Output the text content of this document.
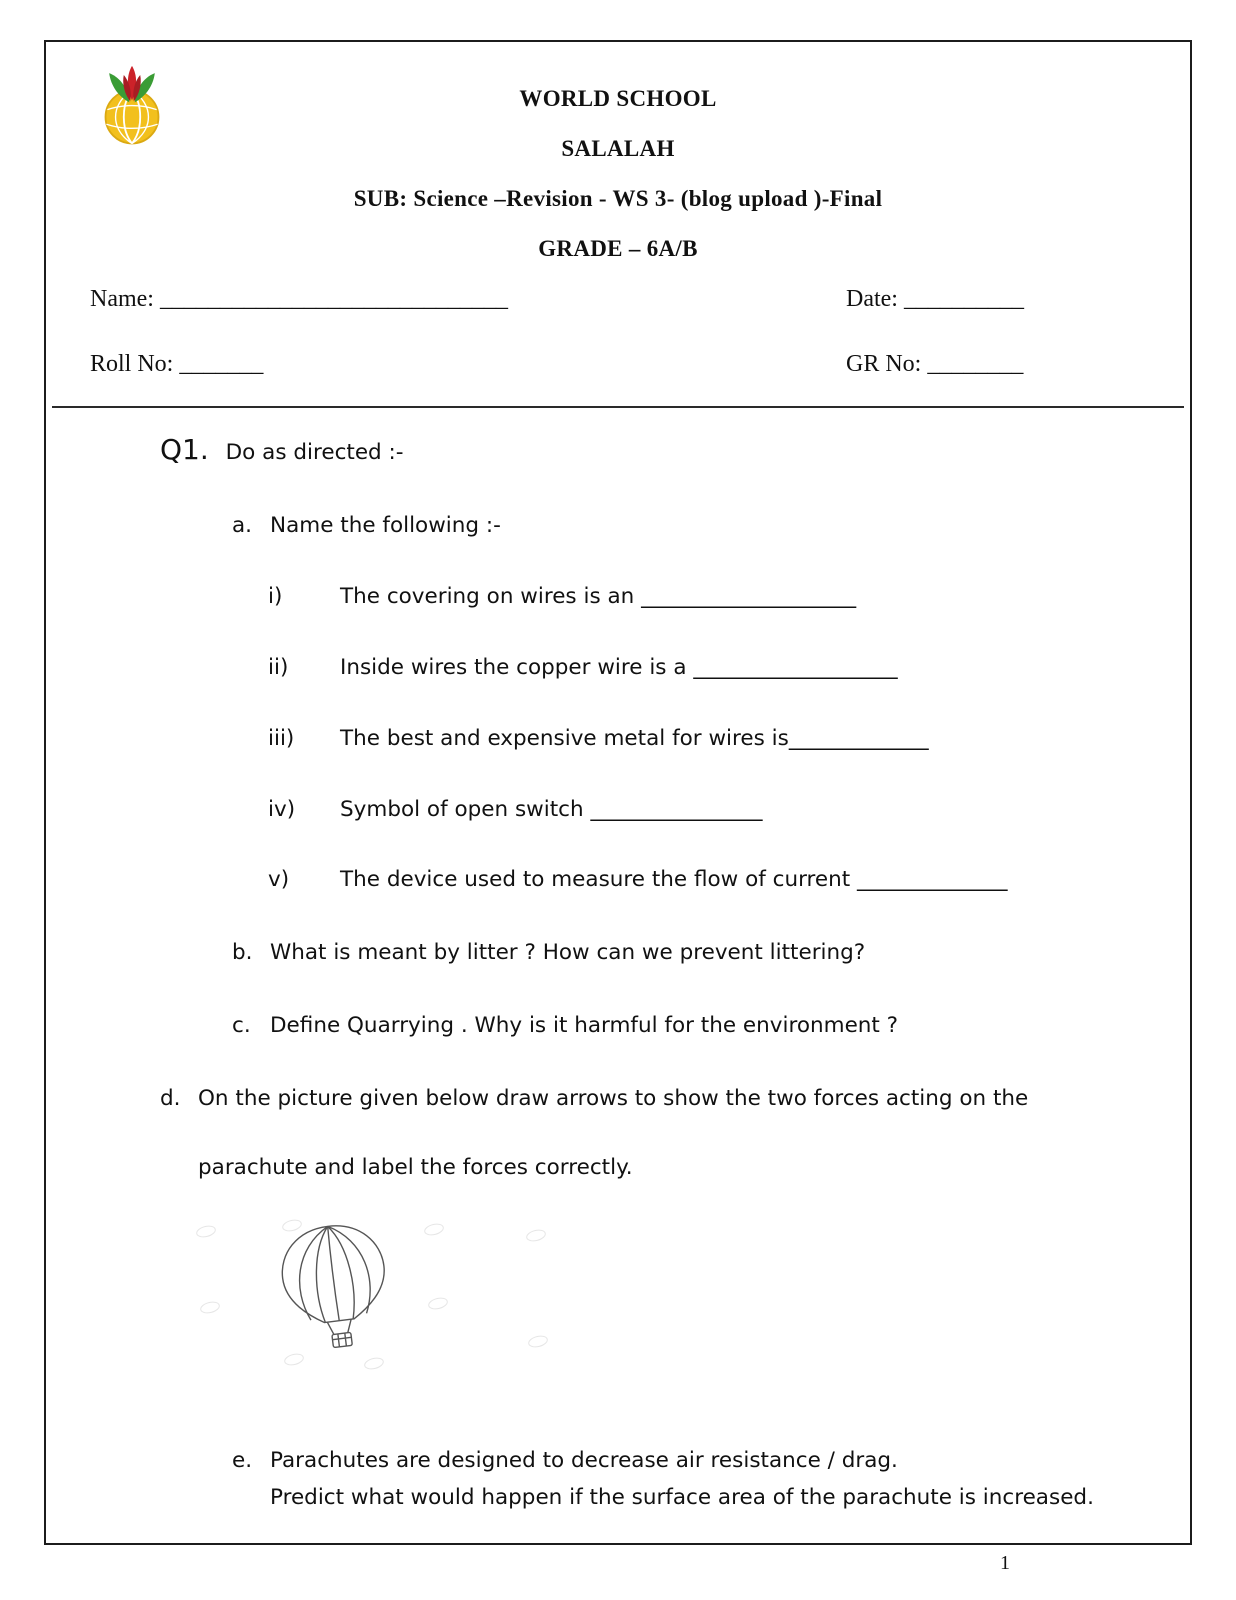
WORLD SCHOOL

SALALAH

SUB: Science –Revision - WS 3- (blog upload )-Final

GRADE – 6A/B

Name: _____________________________	Date: __________
Roll No: _______	GR No: ________
Q1. Do as directed :-
a. Name the following :-
i)	The covering on wires is an ____________________
ii)	Inside wires the copper wire is a ___________________
iii)	The best and expensive metal for wires is_____________
iv)	Symbol of open switch ________________
v)	The device used to measure the flow of current ______________
b. What is meant by litter ? How can we prevent littering?
c. Define Quarrying . Why is it harmful for the environment ?
d. On the picture given below draw arrows to show the two forces acting on the
parachute and label the forces correctly.
e. Parachutes are designed to decrease air resistance / drag.
Predict what would happen if the surface area of the parachute is increased.
1
